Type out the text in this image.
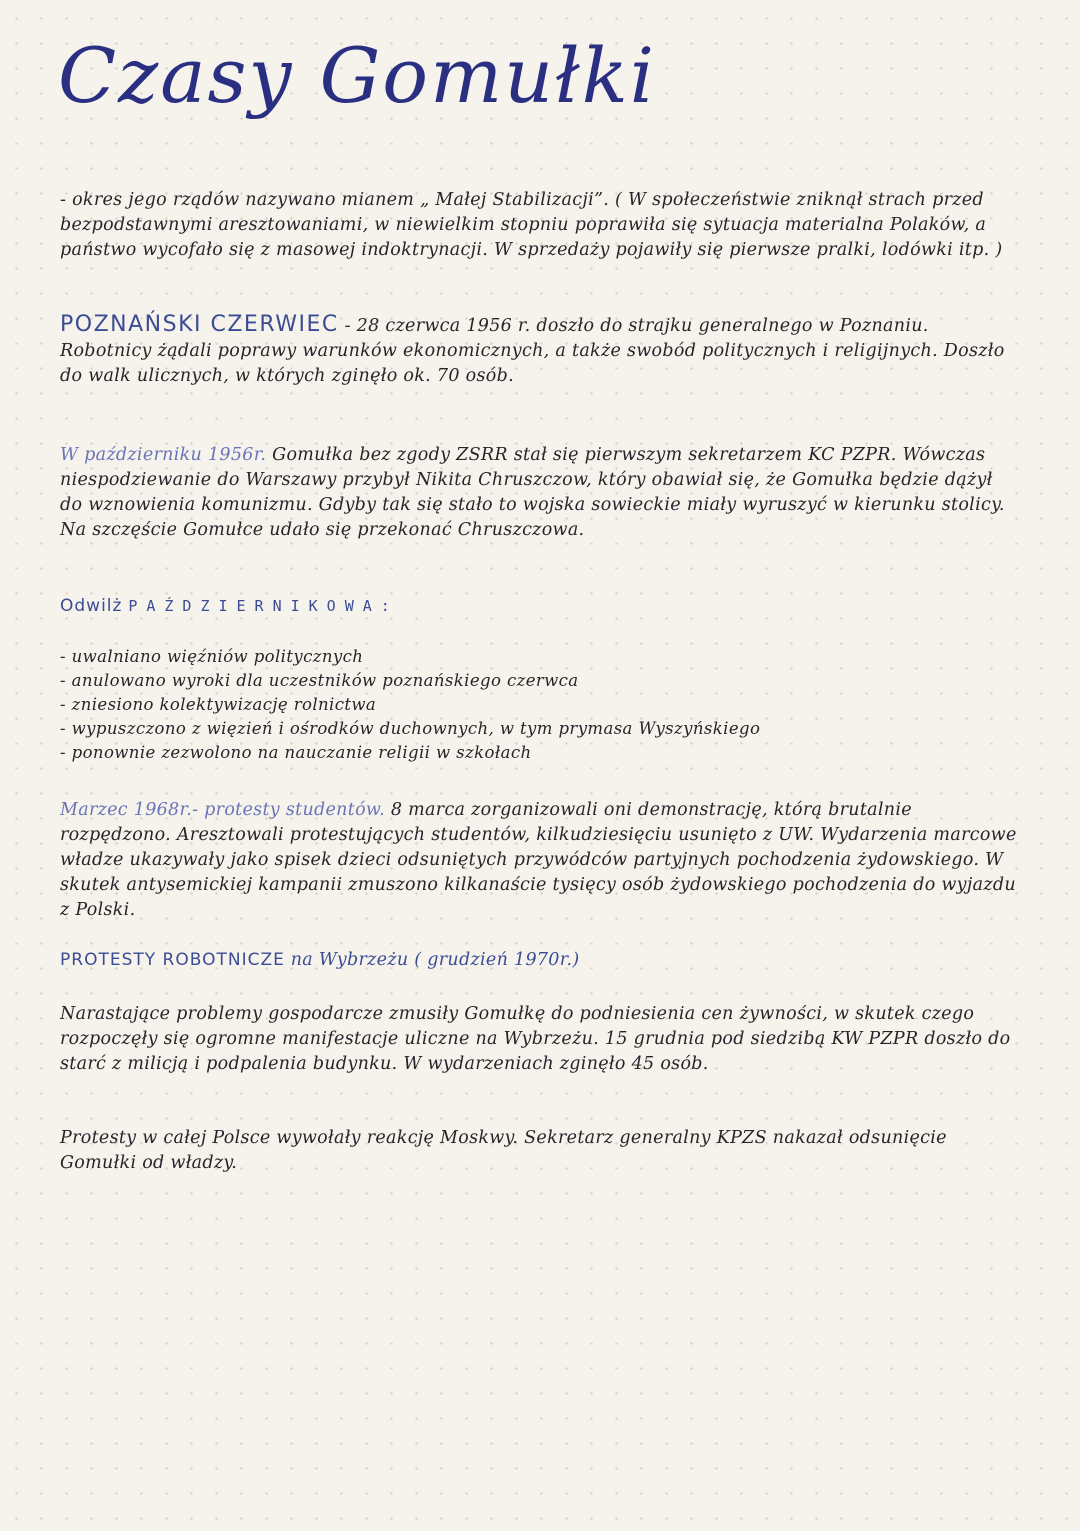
Czasy Gomułki
- okres jego rządów nazywano mianem „ Małej Stabilizacji”. ( W społeczeństwie zniknął strach przed bezpodstawnymi aresztowaniami, w niewielkim stopniu poprawiła się sytuacja materialna Polaków, a państwo wycofało się z masowej indoktrynacji. W sprzedaży pojawiły się pierwsze pralki, lodówki itp. )
POZNAŃSKI CZERWIEC - 28 czerwca 1956 r. doszło do strajku generalnego w Poznaniu. Robotnicy żądali poprawy warunków ekonomicznych, a także swobód politycznych i religijnych. Doszło do walk ulicznych, w których zginęło ok. 70 osób.
W październiku 1956r. Gomułka bez zgody ZSRR stał się pierwszym sekretarzem KC PZPR. Wówczas niespodziewanie do Warszawy przybył Nikita Chruszczow, który obawiał się, że Gomułka będzie dążył do wznowienia komunizmu. Gdyby tak się stało to wojska sowieckie miały wyruszyć w kierunku stolicy. Na szczęście Gomułce udało się przekonać Chruszczowa.
Odwilż PAŹDZIERNIKOWA:
- uwalniano więźniów politycznych
- anulowano wyroki dla uczestników poznańskiego czerwca
- zniesiono kolektywizację rolnictwa
- wypuszczono z więzień i ośrodków duchownych, w tym prymasa Wyszyńskiego
- ponownie zezwolono na nauczanie religii w szkołach
Marzec 1968r.- protesty studentów. 8 marca zorganizowali oni demonstrację, którą brutalnie rozpędzono. Aresztowali protestujących studentów, kilkudziesięciu usunięto z UW. Wydarzenia marcowe władze ukazywały jako spisek dzieci odsuniętych przywódców partyjnych pochodzenia żydowskiego. W skutek antysemickiej kampanii zmuszono kilkanaście tysięcy osób żydowskiego pochodzenia do wyjazdu z Polski.
PROTESTY ROBOTNICZE na Wybrzeżu ( grudzień 1970r.)
Narastające problemy gospodarcze zmusiły Gomułkę do podniesienia cen żywności, w skutek czego rozpoczęły się ogromne manifestacje uliczne na Wybrzeżu. 15 grudnia pod siedzibą KW PZPR doszło do starć z milicją i podpalenia budynku. W wydarzeniach zginęło 45 osób.
Protesty w całej Polsce wywołały reakcję Moskwy. Sekretarz generalny KPZS nakazał odsunięcie Gomułki od władzy.
